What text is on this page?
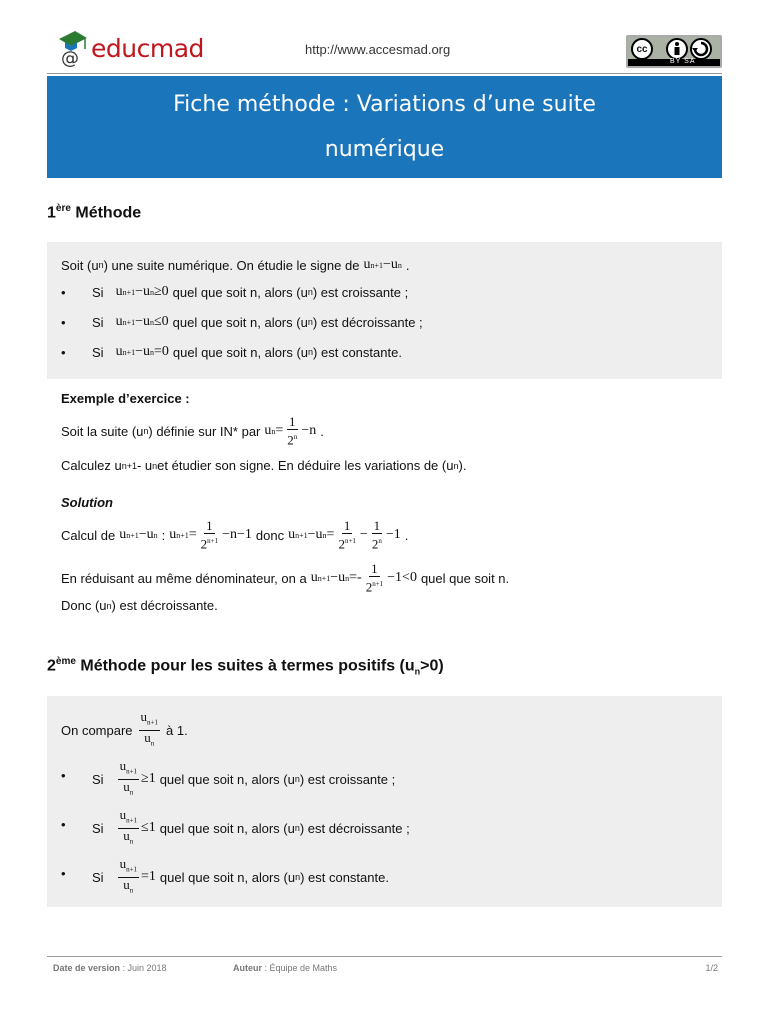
@ educmad	http://www.accesmad.org	cc
BY SA
Fiche méthode : Variations d’une suite
numérique
1ère Méthode
Soit (u n ) une suite numérique. On étudie le signe de u n+1 −u n .
• Si u n+1 −u n ≥0 quel que soit n, alors (u n ) est croissante ;
• Si u n+1 −u n ≤0 quel que soit n, alors (u n ) est décroissante ;
• Si u n+1 −u n =0 quel que soit n, alors (u n ) est constante.
Exemple d’exercice :
Soit la suite (u n ) définie sur IN* par u $n = \frac{1}{2^n} -n$ .
Calculez u n+1 - u n et étudier son signe. En déduire les variations de (u n ).
Solution
Calcul de u n+1 −u n : u $n+1 = \frac{1}{2^{n+1}} -n-1$ donc u n+1 −u $n = \frac{1}{2^{n+1}} - \frac{1}{2^n} -1$ .
En réduisant au même dénominateur, on a u n+1 −u $n =- \frac{1}{2^{n+1}} -1<0$ quel que soit n.
Donc (u n ) est décroissante.
2ème Méthode pour les suites à termes positifs $(u_n>0)$
On compare $\frac{u_{n+1}}{u_n}$ à 1.
• Si $\frac{u_{n+1}}{u_n} \ge 1$ quel que soit n, alors (u n ) est croissante ;
• Si $\frac{u_{n+1}}{u_n} \le 1$ quel que soit n, alors (u n ) est décroissante ;
• Si $\frac{u_{n+1}}{u_n} =1$ quel que soit n, alors (u n ) est constante.
Date de version : Juin 2018	Auteur : Équipe de Maths	1/2
